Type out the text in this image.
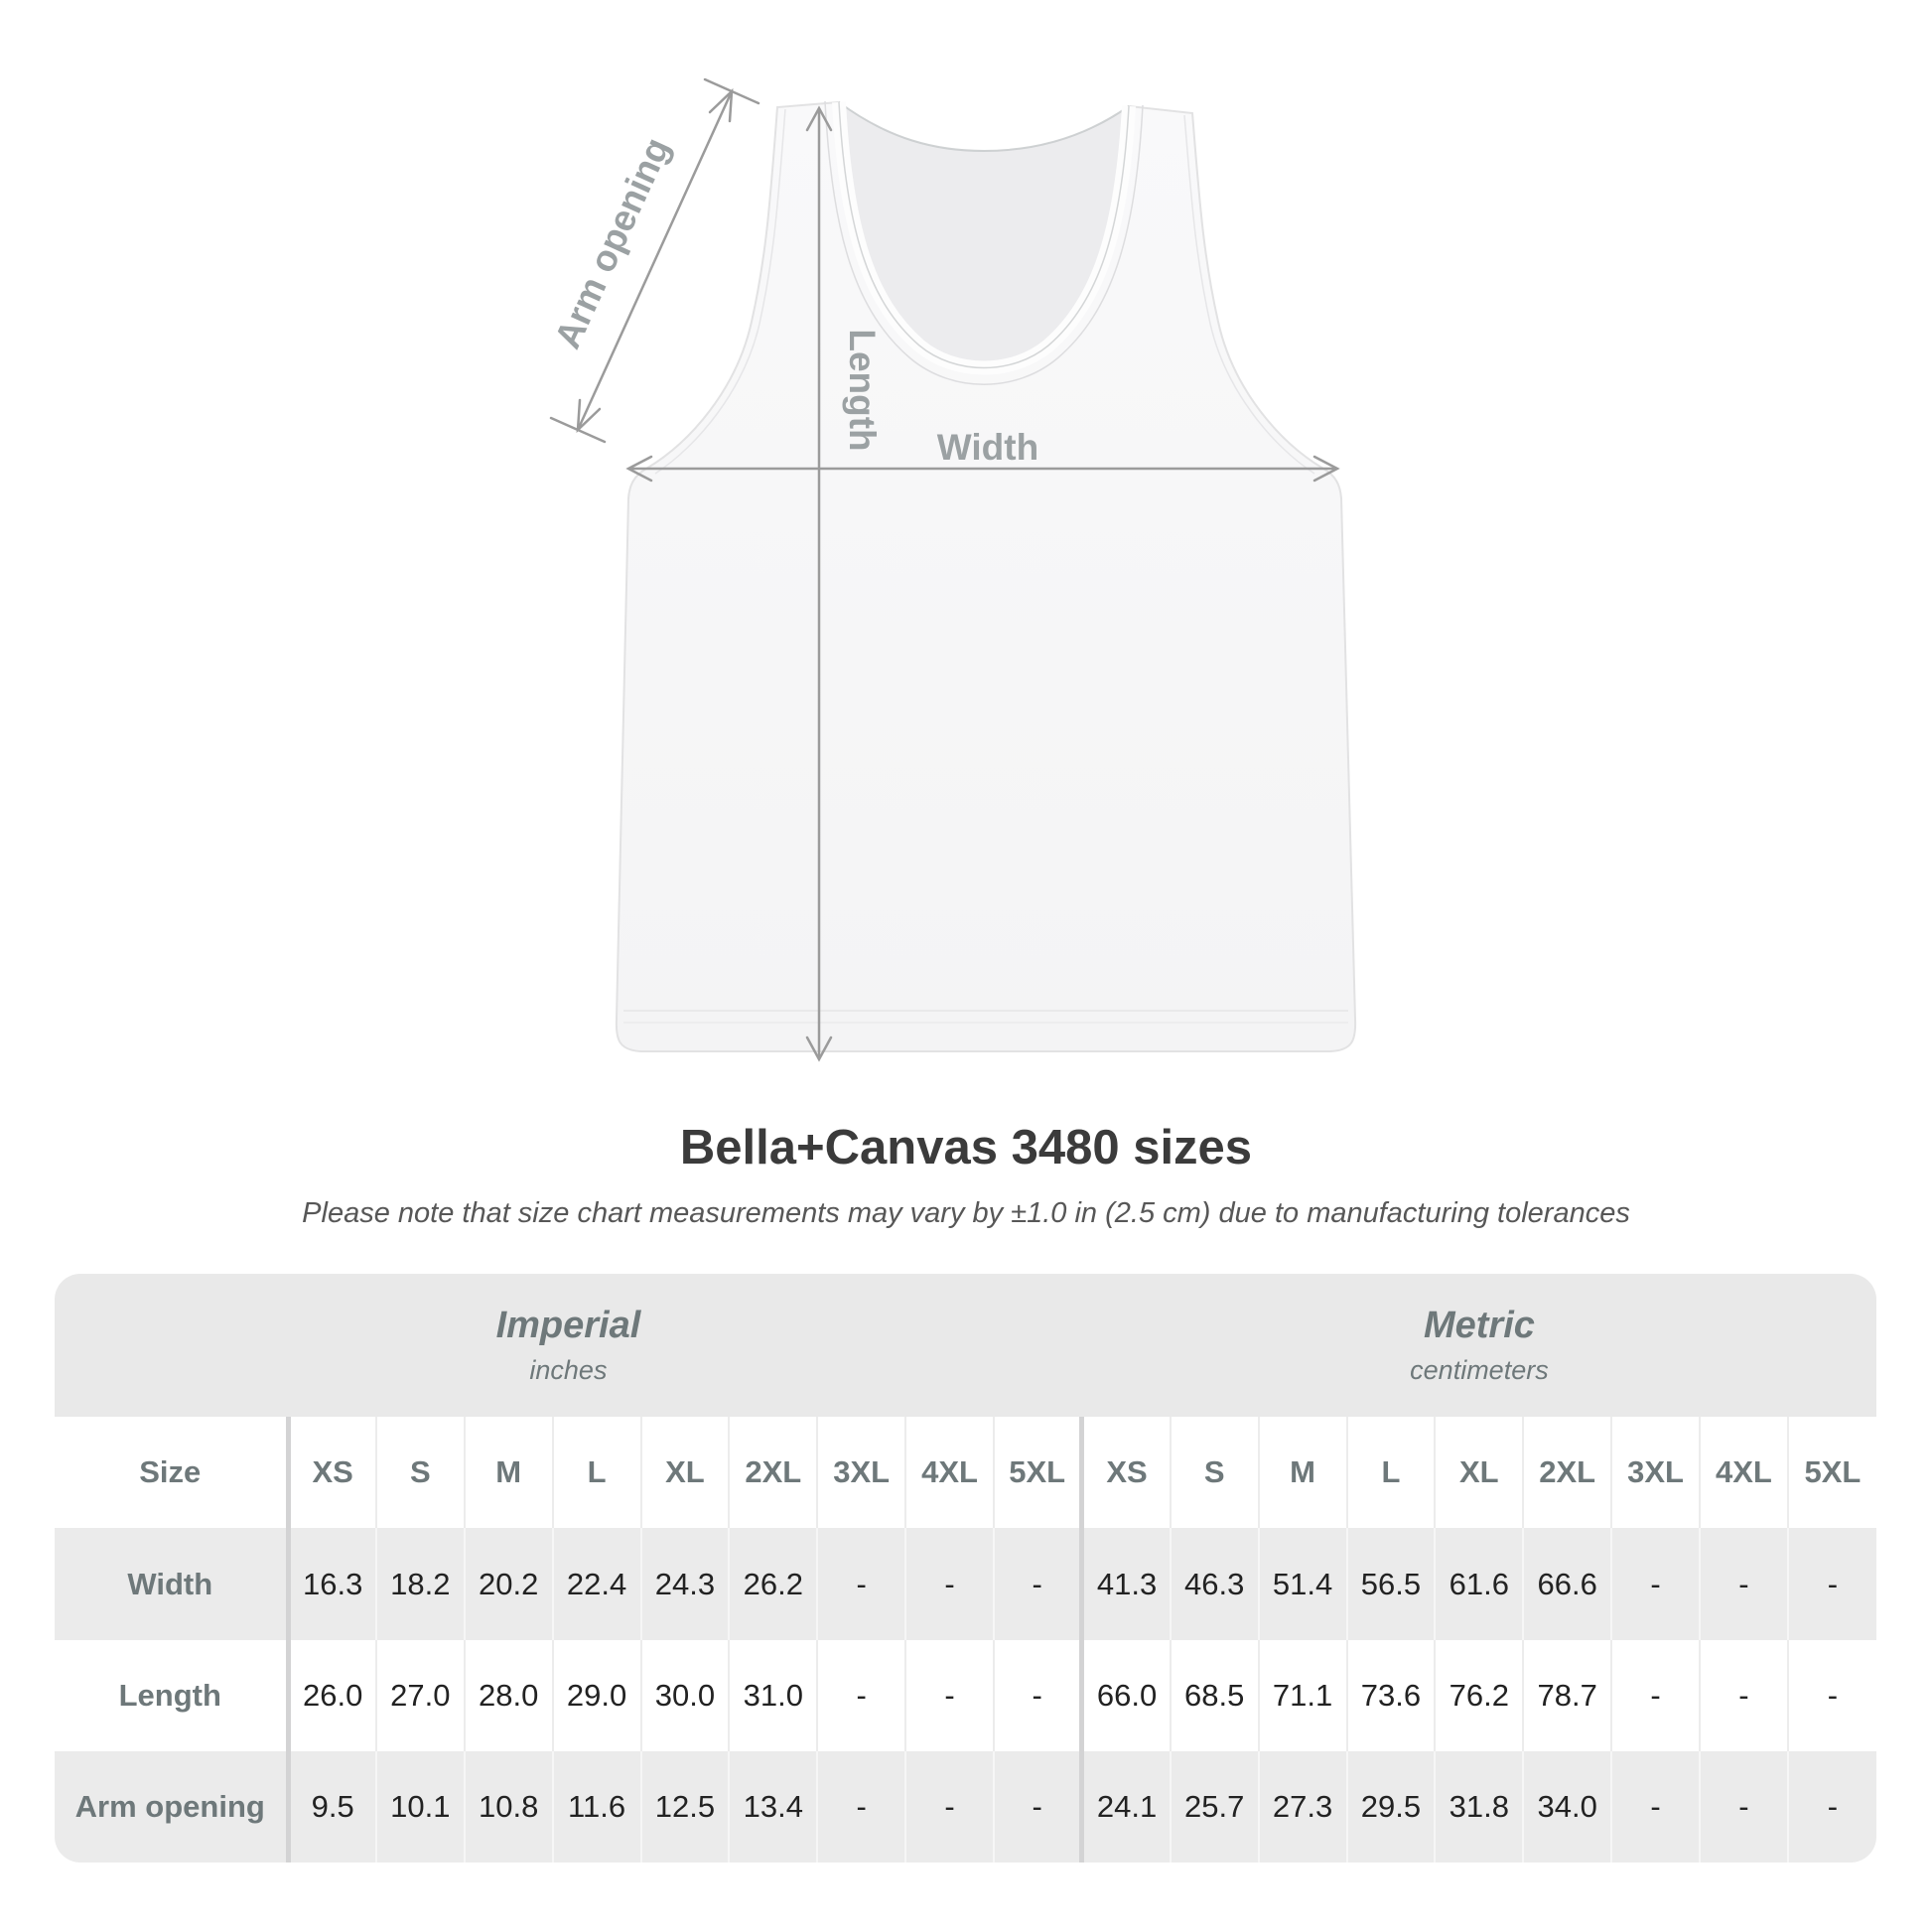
Arm opening
Length Width
Bella+Canvas 3480 sizes

Please note that size chart measurements may vary by ±1.0 in (2.5 cm) due to manufacturing tolerances

Imperial
inches

Metric
centimeters

Size	XS	S	M	L	XL	2XL	3XL	4XL	5XL	XS	S	M	L	XL	2XL	3XL	4XL	5XL
Width	16.3	18.2	20.2	22.4	24.3	26.2	-	-	-	41.3	46.3	51.4	56.5	61.6	66.6	-	-	-
Length	26.0	27.0	28.0	29.0	30.0	31.0	-	-	-	66.0	68.5	71.1	73.6	76.2	78.7	-	-	-
Arm opening	9.5	10.1	10.8	11.6	12.5	13.4	-	-	-	24.1	25.7	27.3	29.5	31.8	34.0	-	-	-
